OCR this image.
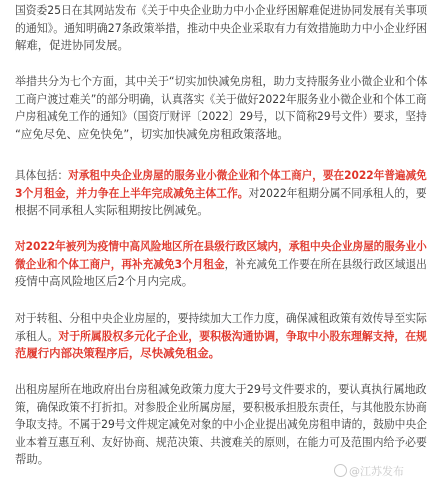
国资委25日在其网站发布《关于中央企业助力中小企业纾困解难促进协同发展有关事项
的通知》。通知明确27条政策举措，推动中央企业采取有力有效措施助力中小企业纾困
解难，促进协同发展。
举措共分为七个方面，其中关于“切实加快减免房租，助力支持服务业小微企业和个体
工商户渡过难关”的部分明确，认真落实《关于做好2022年服务业小微企业和个体工商
户房租减免工作的通知》（国资厅财评〔2022〕29号，以下简称29号文件）要求，坚持
“应免尽免、应免快免”，切实加快减免房租政策落地。
具体包括：对承租中央企业房屋的服务业小微企业和个体工商户，要在2022年普遍减免
3个月租金，并力争在上半年完成减免主体工作。对2022年租期分属不同承租人的，要
根据不同承租人实际租期按比例减免。
对2022年被列为疫情中高风险地区所在县级行政区域内，承租中央企业房屋的服务业小
微企业和个体工商户，再补充减免3个月租金，补充减免工作要在所在县级行政区域退出
疫情中高风险地区后2个月内完成。
对于转租、分租中央企业房屋的，要持续加大工作力度，确保减租政策有效传导至实际
承租人。对于所属股权多元化子企业，要积极沟通协调，争取中小股东理解支持，在规
范履行内部决策程序后，尽快减免租金。
出租房屋所在地政府出台房租减免政策力度大于29号文件要求的，要认真执行属地政
策，确保政策不打折扣。对参股企业所属房屋，要积极承担股东责任，与其他股东协商
争取支持。不属于29号文件规定减免对象的中小企业提出减免房租申请的，鼓励中央企
业本着互惠互利、友好协商、规范决策、共渡难关的原则，在能力可及范围内给予必要
帮助。
@江苏发布
